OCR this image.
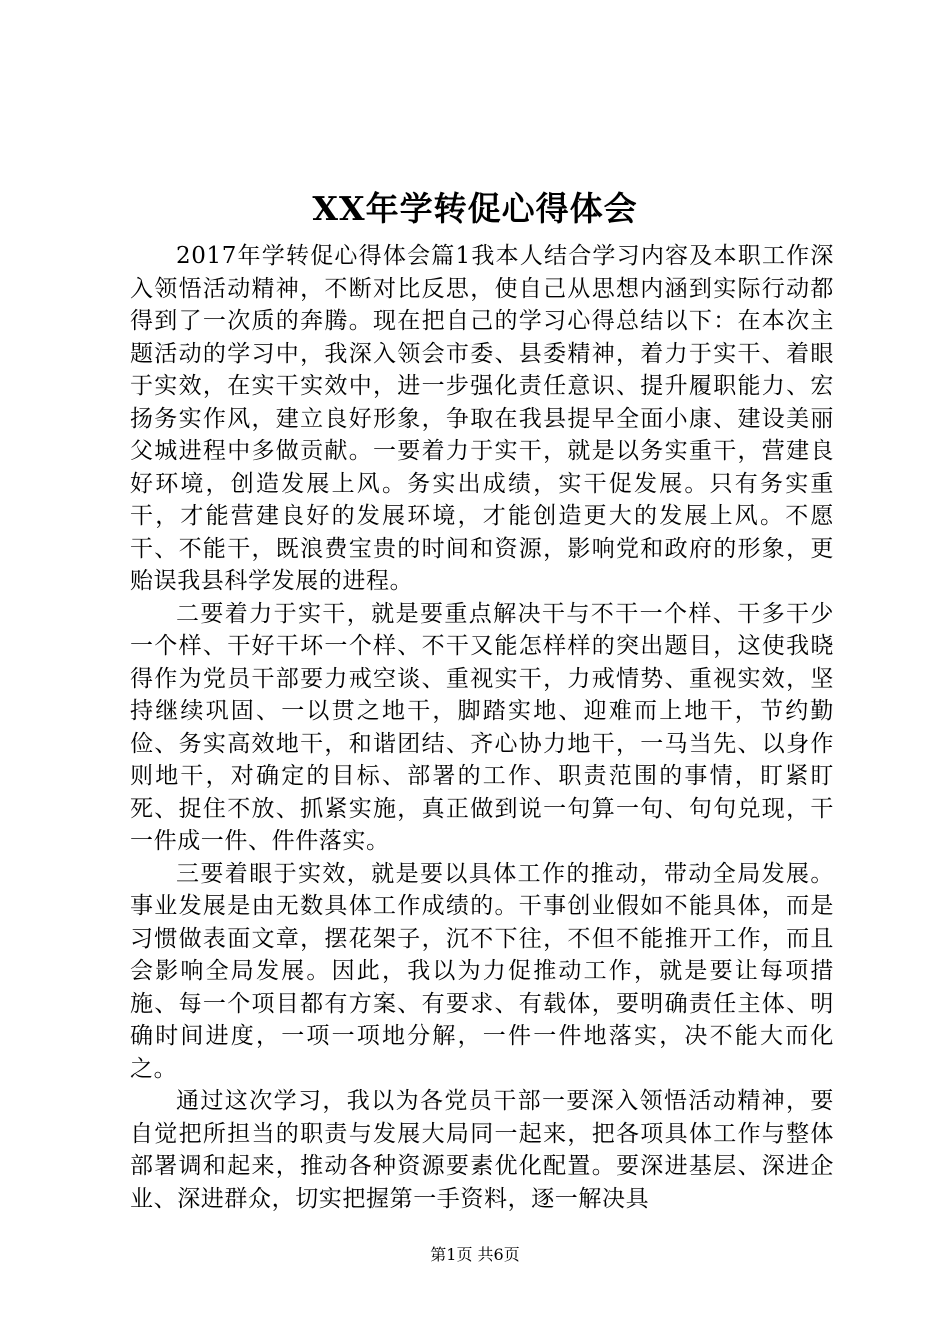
XX年学转促心得体会

2017年学转促心得体会篇1我本人结合学习内容及本职工作深入领悟活动精神，不断对比反思，使自己从思想内涵到实际行动都得到了一次质的奔腾。现在把自己的学习心得总结以下：在本次主题活动的学习中，我深入领会市委、县委精神，着力于实干、着眼于实效，在实干实效中，进一步强化责任意识、提升履职能力、宏扬务实作风，建立良好形象，争取在我县提早全面小康、建设美丽父城进程中多做贡献。一要着力于实干，就是以务实重干，营建良好环境，创造发展上风。务实出成绩，实干促发展。只有务实重干，才能营建良好的发展环境，才能创造更大的发展上风。不愿干、不能干，既浪费宝贵的时间和资源，影响党和政府的形象，更贻误我县科学发展的进程。

二要着力于实干，就是要重点解决干与不干一个样、干多干少一个样、干好干坏一个样、不干又能怎样样的突出题目，这使我晓得作为党员干部要力戒空谈、重视实干，力戒情势、重视实效，坚持继续巩固、一以贯之地干，脚踏实地、迎难而上地干，节约勤俭、务实高效地干，和谐团结、齐心协力地干，一马当先、以身作则地干，对确定的目标、部署的工作、职责范围的事情，盯紧盯死、捉住不放、抓紧实施，真正做到说一句算一句、句句兑现，干一件成一件、件件落实。

三要着眼于实效，就是要以具体工作的推动，带动全局发展。事业发展是由无数具体工作成绩的。干事创业假如不能具体，而是习惯做表面文章，摆花架子，沉不下往，不但不能推开工作，而且会影响全局发展。因此，我以为力促推动工作，就是要让每项措施、每一个项目都有方案、有要求、有载体，要明确责任主体、明确时间进度，一项一项地分解，一件一件地落实，决不能大而化之。

通过这次学习，我以为各党员干部一要深入领悟活动精神，要自觉把所担当的职责与发展大局同一起来，把各项具体工作与整体部署调和起来，推动各种资源要素优化配置。要深进基层、深进企业、深进群众，切实把握第一手资料，逐一解决具

第1页 共6页
